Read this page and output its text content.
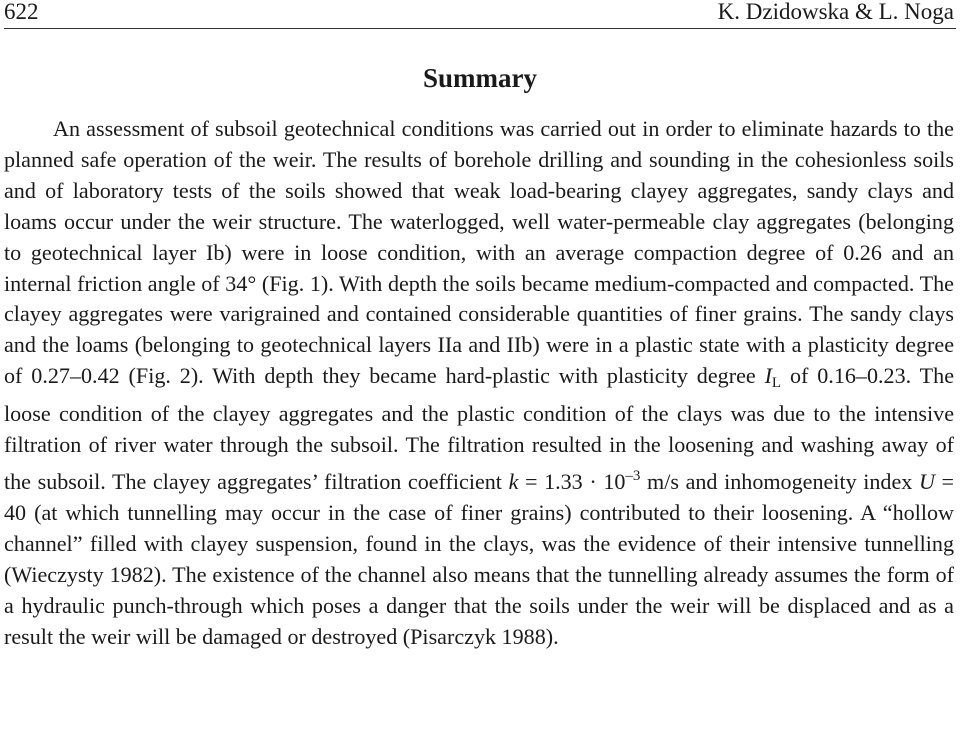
622	K. Dzidowska & L. Noga
Summary

An assessment of subsoil geotechnical conditions was carried out in order to eliminate hazards to the planned safe operation of the weir. The results of borehole drilling and sounding in the cohesionless soils and of laboratory tests of the soils showed that weak load-bearing clayey aggregates, sandy clays and loams occur under the weir structure. The waterlogged, well water-permeable clay aggregates (belonging to geotechnical layer Ib) were in loose condition, with an average compaction degree of 0.26 and an internal friction angle of 34° (Fig. 1). With depth the soils became medium-compacted and compacted. The clayey aggregates were varigrained and contained considerable quantities of finer grains. The sandy clays and the loams (belonging to geotechnical layers IIa and IIb) were in a plastic state with a plasticity degree of 0.27–0.42 (Fig. 2). With depth they became hard-plastic with plasticity degree $I_L$ of 0.16–0.23. The loose condition of the clayey aggregates and the plastic condition of the clays was due to the intensive filtration of river water through the subsoil. The filtration resulted in the loosening and washing away of the subsoil. The clayey aggregates’ filtration coefficient $k = 1.33 \cdot 10^{-3}$ m/s and inhomogeneity index U = 40 (at which tunnelling may occur in the case of finer grains) contributed to their loosening. A “hollow channel” filled with clayey suspension, found in the clays, was the evidence of their intensive tunnelling (Wieczysty 1982). The existence of the channel also means that the tunnelling already assumes the form of a hydraulic punch-through which poses a danger that the soils under the weir will be displaced and as a result the weir will be damaged or destroyed (Pisarczyk 1988).
